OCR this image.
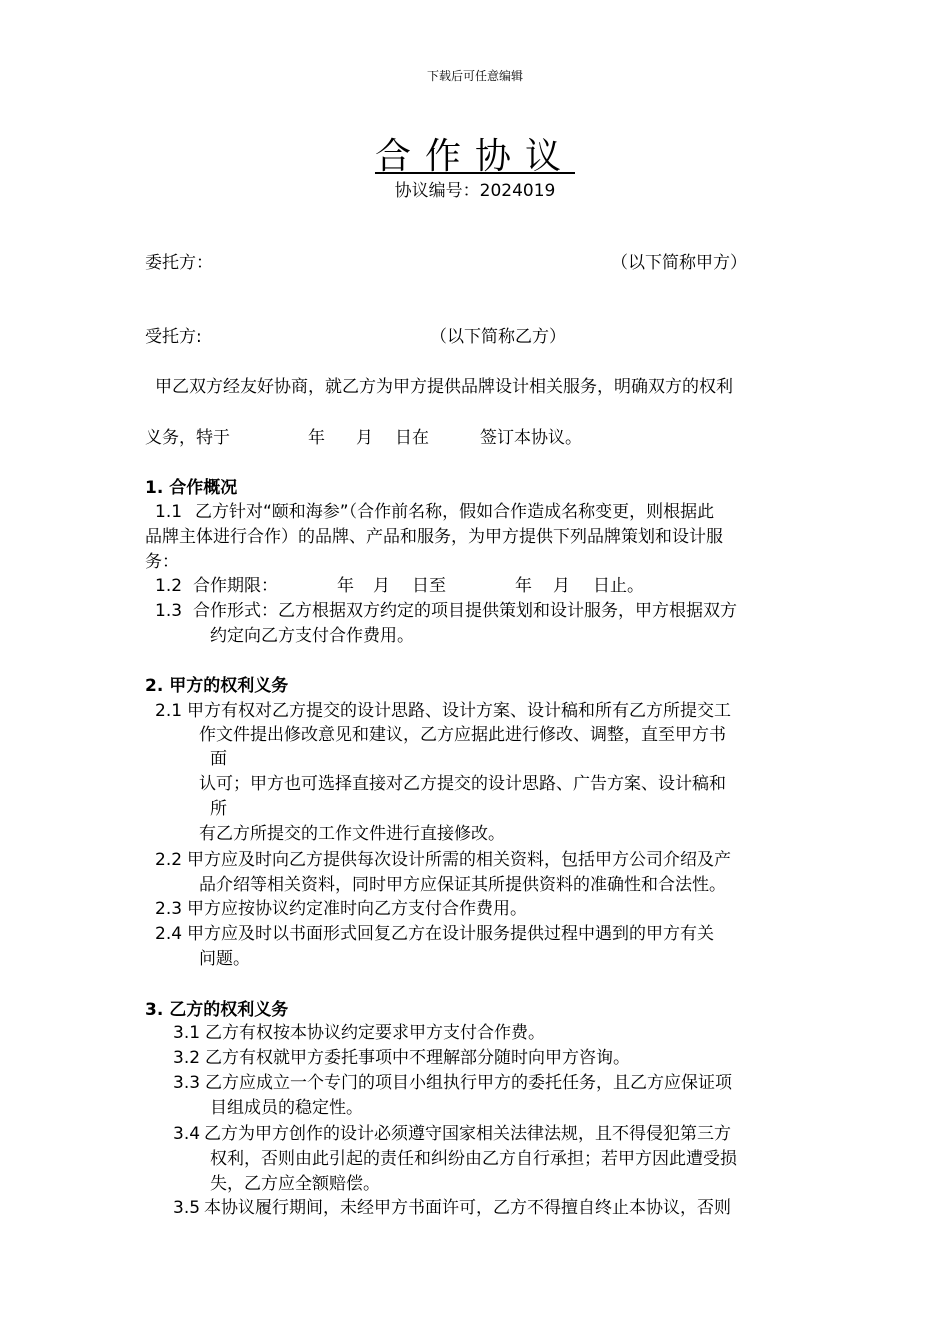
下载后可任意编辑
合作协议
协议编号：2024019
委托方：	（以下简称甲方）
受托方:	（以下简称乙方）
甲乙双方经友好协商，就乙方为甲方提供品牌设计相关服务，明确双方的权利
义务，特于	年 月 日在	签订本协议。
1. 合作概况
1.1 乙方针对“颐和海参”（合作前名称，假如合作造成名称变更，则根据此
品牌主体进行合作）的品牌、产品和服务，为甲方提供下列品牌策划和设计服
务：
1.2 合作期限：	年 月 日至	年 月 日止。
1.3 合作形式：乙方根据双方约定的项目提供策划和设计服务，甲方根据双方
约定向乙方支付合作费用。
2. 甲方的权利义务
2.1 甲方有权对乙方提交的设计思路、设计方案、设计稿和所有乙方所提交工
作文件提出修改意见和建议，乙方应据此进行修改、调整，直至甲方书
面
认可；甲方也可选择直接对乙方提交的设计思路、广告方案、设计稿和
所
有乙方所提交的工作文件进行直接修改。
2.2 甲方应及时向乙方提供每次设计所需的相关资料，包括甲方公司介绍及产
品介绍等相关资料，同时甲方应保证其所提供资料的准确性和合法性。
2.3 甲方应按协议约定准时向乙方支付合作费用。
2.4 甲方应及时以书面形式回复乙方在设计服务提供过程中遇到的甲方有关
问题。
3. 乙方的权利义务
3.1 乙方有权按本协议约定要求甲方支付合作费。
3.2 乙方有权就甲方委托事项中不理解部分随时向甲方咨询。
3.3 乙方应成立一个专门的项目小组执行甲方的委托任务，且乙方应保证项
目组成员的稳定性。
3.4 乙方为甲方创作的设计必须遵守国家相关法律法规，且不得侵犯第三方
权利，否则由此引起的责任和纠纷由乙方自行承担；若甲方因此遭受损
失，乙方应全额赔偿。
3.5 本协议履行期间，未经甲方书面许可，乙方不得擅自终止本协议，否则
